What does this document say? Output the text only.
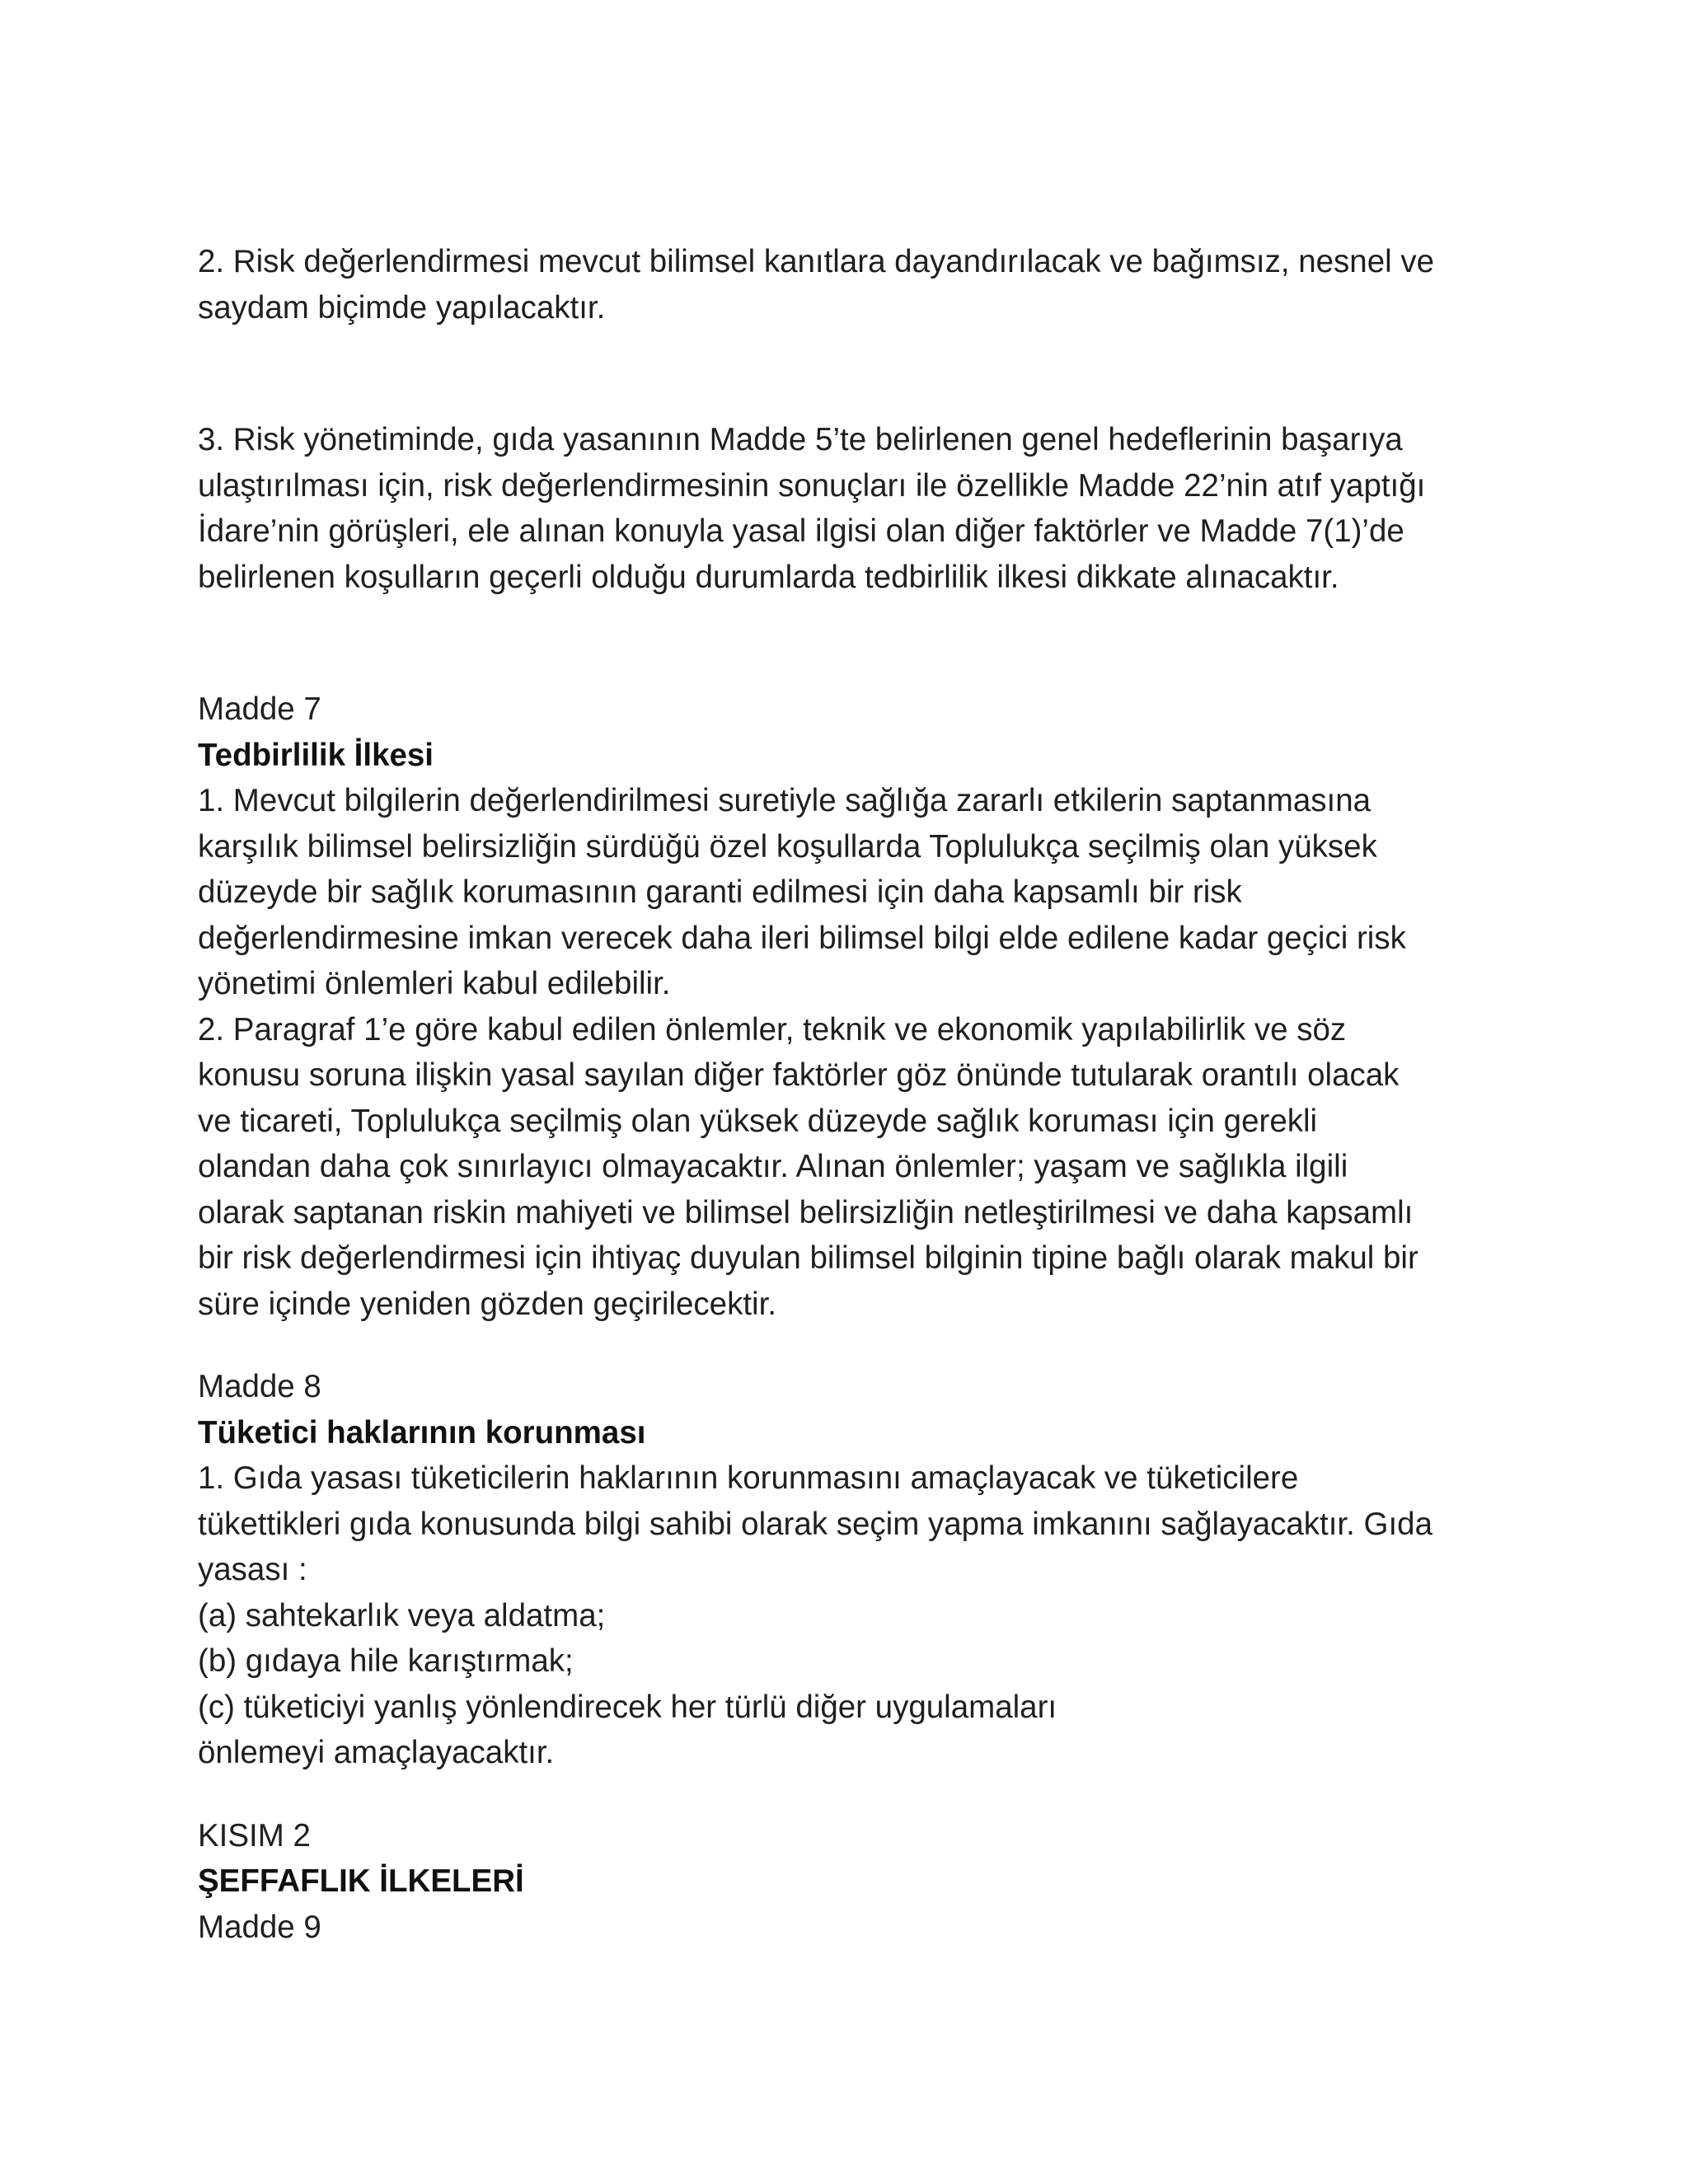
2. Risk değerlendirmesi mevcut bilimsel kanıtlara dayandırılacak ve bağımsız, nesnel ve
saydam biçimde yapılacaktır.
3. Risk yönetiminde, gıda yasanının Madde 5’te belirlenen genel hedeflerinin başarıya
ulaştırılması için, risk değerlendirmesinin sonuçları ile özellikle Madde 22’nin atıf yaptığı
İdare’nin görüşleri, ele alınan konuyla yasal ilgisi olan diğer faktörler ve Madde 7(1)’de
belirlenen koşulların geçerli olduğu durumlarda tedbirlilik ilkesi dikkate alınacaktır.
Madde 7
Tedbirlilik İlkesi
1. Mevcut bilgilerin değerlendirilmesi suretiyle sağlığa zararlı etkilerin saptanmasına
karşılık bilimsel belirsizliğin sürdüğü özel koşullarda Toplulukça seçilmiş olan yüksek
düzeyde bir sağlık korumasının garanti edilmesi için daha kapsamlı bir risk
değerlendirmesine imkan verecek daha ileri bilimsel bilgi elde edilene kadar geçici risk
yönetimi önlemleri kabul edilebilir.
2. Paragraf 1’e göre kabul edilen önlemler, teknik ve ekonomik yapılabilirlik ve söz
konusu soruna ilişkin yasal sayılan diğer faktörler göz önünde tutularak orantılı olacak
ve ticareti, Toplulukça seçilmiş olan yüksek düzeyde sağlık koruması için gerekli
olandan daha çok sınırlayıcı olmayacaktır. Alınan önlemler; yaşam ve sağlıkla ilgili
olarak saptanan riskin mahiyeti ve bilimsel belirsizliğin netleştirilmesi ve daha kapsamlı
bir risk değerlendirmesi için ihtiyaç duyulan bilimsel bilginin tipine bağlı olarak makul bir
süre içinde yeniden gözden geçirilecektir.
Madde 8
Tüketici haklarının korunması
1. Gıda yasası tüketicilerin haklarının korunmasını amaçlayacak ve tüketicilere
tükettikleri gıda konusunda bilgi sahibi olarak seçim yapma imkanını sağlayacaktır. Gıda
yasası :
(a) sahtekarlık veya aldatma;
(b) gıdaya hile karıştırmak;
(c) tüketiciyi yanlış yönlendirecek her türlü diğer uygulamaları
önlemeyi amaçlayacaktır.
KISIM 2
ŞEFFAFLIK İLKELERİ
Madde 9
